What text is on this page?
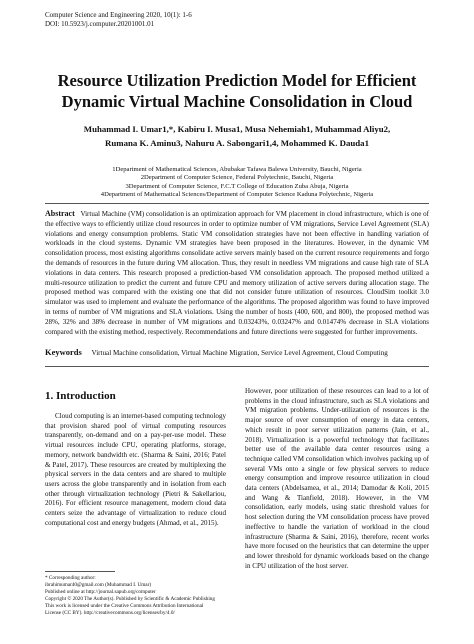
Computer Science and Engineering 2020, 10(1): 1-6
DOI: 10.5923/j.computer.20201001.01
Resource Utilization Prediction Model for Efficient
Dynamic Virtual Machine Consolidation in Cloud
Muhammad I. Umar1,*, Kabiru I. Musa1, Musa Nehemiah1, Muhammad Aliyu2,
Rumana K. Aminu3, Nahuru A. Sabongari1,4, Mohammed K. Dauda1
1Department of Mathematical Sciences, Abubakar Tafawa Balewa University, Bauchi, Nigeria
2Department of Computer Science, Federal Polytechnic, Bauchi, Nigeria
3Department of Computer Science, F.C.T College of Education Zuba Abuja, Nigeria
4Department of Mathematical Sciences/Department of Computer Science Kaduna Polytechnic, Nigeria
Abstract Virtual Machine (VM) consolidation is an optimization approach for VM placement in cloud infrastructure, which is one of the effective ways to efficiently utilize cloud resources in order to optimize number of VM migrations, Service Level Agreement (SLA) violations and energy consumption problems. Static VM consolidation strategies have not been effective in handling variation of workloads in the cloud systems. Dynamic VM strategies have been proposed in the literatures. However, in the dynamic VM consolidation process, most existing algorithms consolidate active servers mainly based on the current resource requirements and forgo the demands of resources in the future during VM allocation. Thus, they result in needless VM migrations and cause high rate of SLA violations in data centers. This research proposed a prediction-based VM consolidation approach. The proposed method utilized a multi-resource utilization to predict the current and future CPU and memory utilization of active servers during allocation stage. The proposed method was compared with the existing one that did not consider future utilization of resources. CloudSim toolkit 3.0 simulator was used to implement and evaluate the performance of the algorithms. The proposed algorithm was found to have improved in terms of number of VM migrations and SLA violations. Using the number of hosts (400, 600, and 800), the proposed method was 28%, 32% and 38% decrease in number of VM migrations and 0.03243%, 0.03247% and 0.01474% decrease in SLA violations compared with the existing method, respectively. Recommendations and future directions were suggested for further improvements.
Keywords Virtual Machine consolidation, Virtual Machine Migration, Service Level Agreement, Cloud Computing
1. Introduction
Cloud computing is an internet-based computing technology that provision shared pool of virtual computing resources transparently, on-demand and on a pay-per-use model. These virtual resources include CPU, operating platforms, storage, memory, network bandwidth etc. (Sharma & Saini, 2016; Patel & Patel, 2017). These resources are created by multiplexing the physical servers in the data centers and are shared to multiple users across the globe transparently and in isolation from each other through virtualization technology (Pietri & Sakellariou, 2016). For efficient resource management, modern cloud data centers seize the advantage of virtualization to reduce cloud computational cost and energy budgets (Ahmad, et al., 2015).
However, poor utilization of these resources can lead to a lot of problems in the cloud infrastructure, such as SLA violations and VM migration problems. Under-utilization of resources is the major source of over consumption of energy in data centers, which result in poor server utilization patterns (Jain, et al., 2018). Virtualization is a powerful technology that facilitates better use of the available data center resources using a technique called VM consolidation which involves packing up of several VMs onto a single or few physical servers to reduce energy consumption and improve resource utilization in cloud data centers (Abdelsamea, et al., 2014; Damodar & Koli, 2015 and Wang & Tianfield, 2018). However, in the VM consolidation, early models, using static threshold values for host selection during the VM consolidation process have proved ineffective to handle the variation of workload in the cloud infrastructure (Sharma & Saini, 2016), therefore, recent works have more focused on the heuristics that can determine the upper and lower threshold for dynamic workloads based on the change in CPU utilization of the host server.
* Corresponding author:
ibrahimumar40@gmail.com (Muhammad I. Umar)
Published online at http://journal.sapub.org/computer
Copyright © 2020 The Author(s). Published by Scientific & Academic Publishing
This work is licensed under the Creative Commons Attribution International
License (CC BY). http://creativecommons.org/licenses/by/4.0/
